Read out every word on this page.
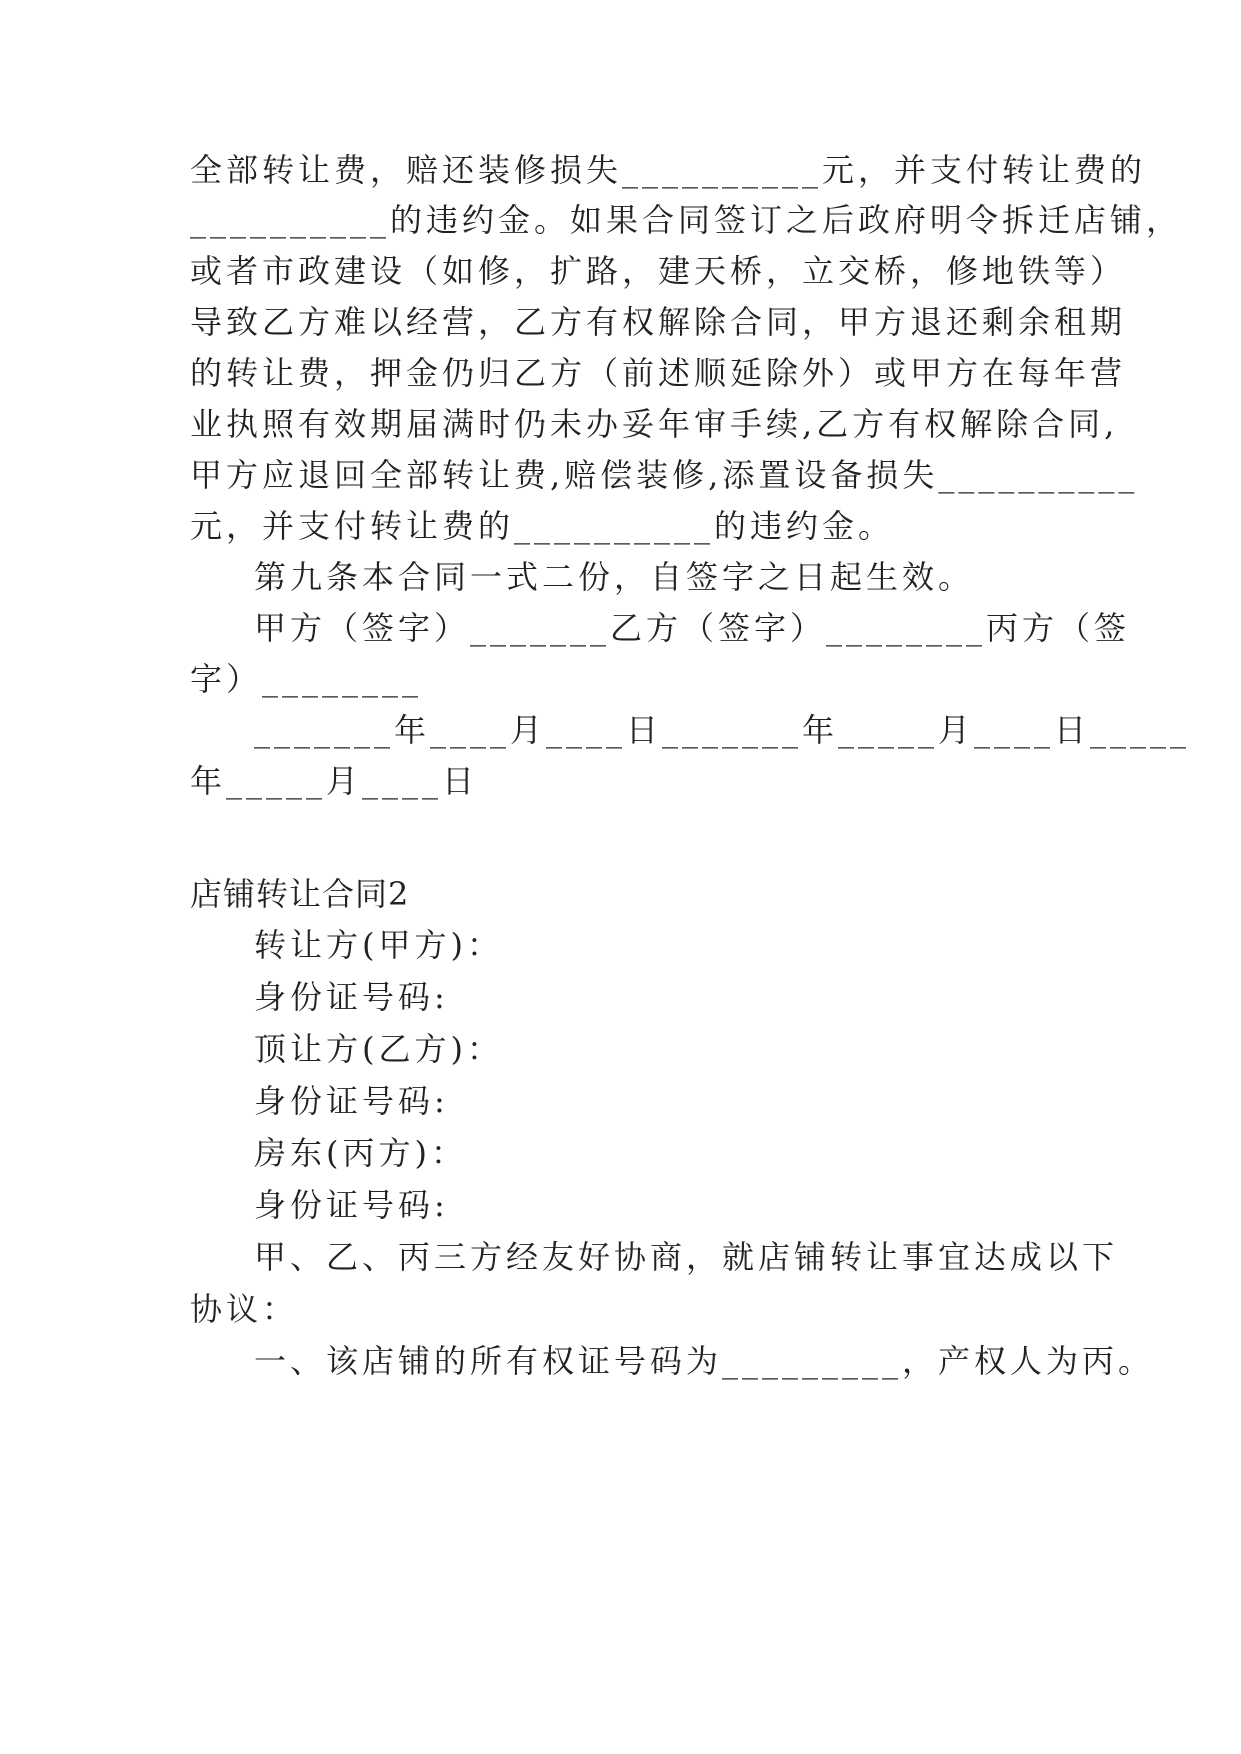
全部转让费，赔还装修损失__________元，并支付转让费的
__________的违约金。如果合同签订之后政府明令拆迁店铺，
或者市政建设（如修，扩路，建天桥，立交桥，修地铁等）
导致乙方难以经营，乙方有权解除合同，甲方退还剩余租期
的转让费，押金仍归乙方（前述顺延除外）或甲方在每年营
业执照有效期届满时仍未办妥年审手续,乙方有权解除合同,
甲方应退回全部转让费,赔偿装修,添置设备损失__________
元，并支付转让费的__________的违约金。
第九条本合同一式二份，自签字之日起生效。
甲方（签字）_______乙方（签字）________丙方（签
字）________
_______年____月____日_______年_____月____日_____
年_____月____日
店铺转让合同2
转让方(甲方)：
身份证号码:
顶让方(乙方)：
身份证号码:
房东(丙方)：
身份证号码:
甲、乙、丙三方经友好协商，就店铺转让事宜达成以下
协议：
一、该店铺的所有权证号码为_________，产权人为丙。
